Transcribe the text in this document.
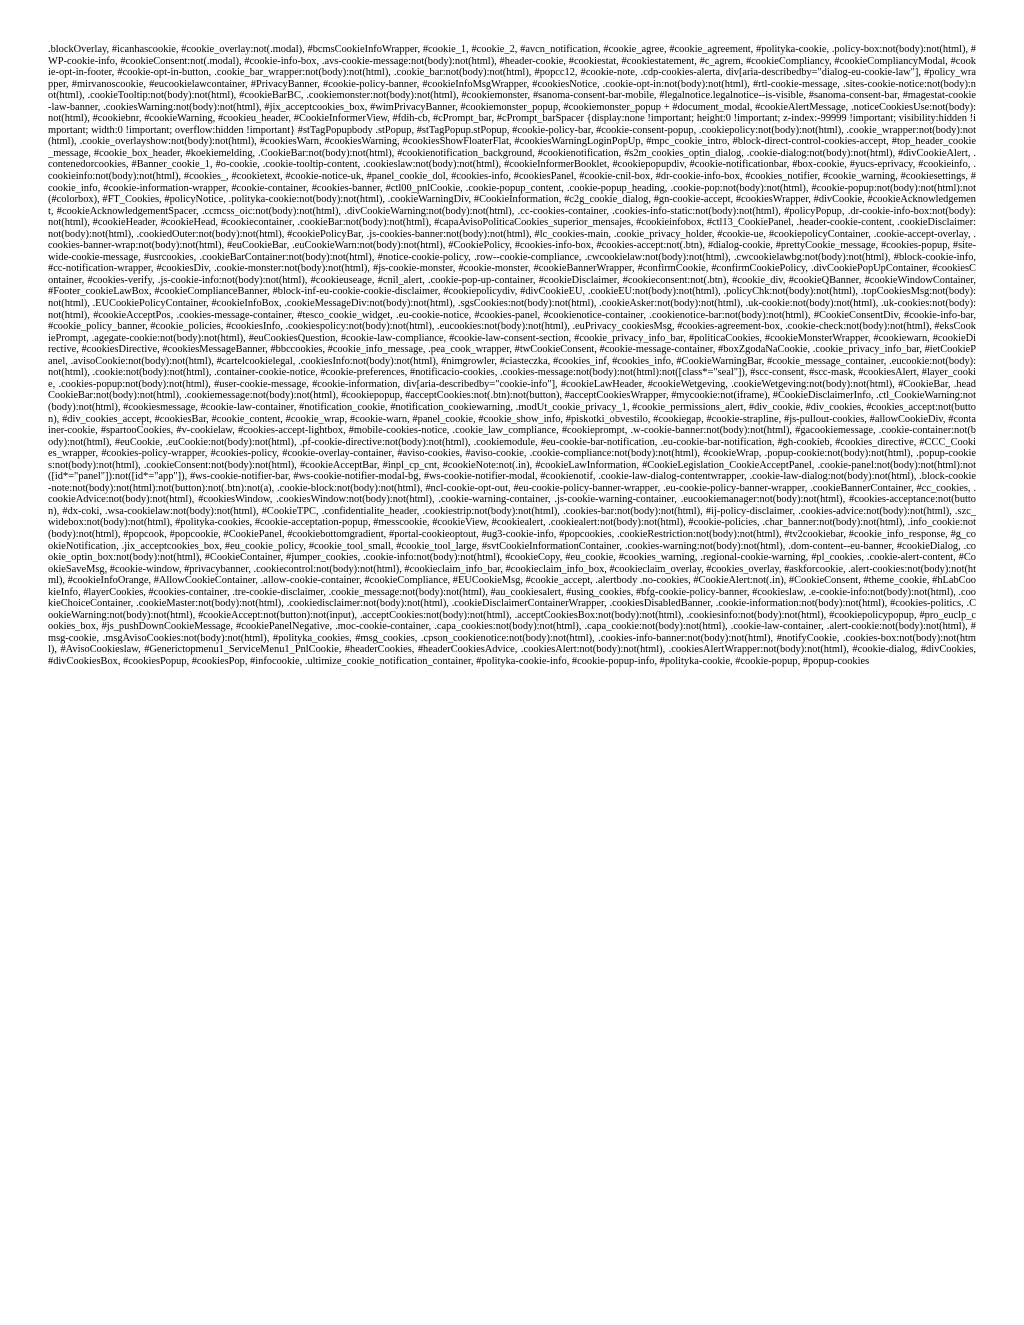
.blockOverlay, #icanhascookie, #cookie_overlay:not(.modal), #bcmsCookieInfoWrapper, #cookie_1, #cookie_2, #avcn_notification, #cookie_agree, #cookie_agreement, #polityka-cookie, .policy-box:not(body):not(html), #WP-cookie-info, #cookieConsent:not(.modal), #cookie-info-box, .avs-cookie-message:not(body):not(html), #header-cookie, #cookiestat, #cookiestatement, #c_agrem, #cookieCompliancy, #cookieCompliancyModal, #cookie-opt-in-footer, #cookie-opt-in-button, .cookie_bar_wrapper:not(body):not(html), .cookie_bar:not(body):not(html), #popcc12, #cookie-note, .cdp-cookies-alerta, div[aria-describedby="dialog-eu-cookie-law"], #policy_wrapper, #mirvanoscookie, #eucookielawcontainer, #PrivacyBanner, #cookie-policy-banner, #cookieInfoMsgWrapper, #cookiesNotice, .cookie-opt-in:not(body):not(html), #rtl-cookie-message, .sites-cookie-notice:not(body):not(html), .cookieTooltip:not(body):not(html), #cookieBarBC, .cookiemonster:not(body):not(html), #cookiemonster, #sanoma-consent-bar-mobile, #legalnotice.legalnotice--is-visible, #sanoma-consent-bar, #magestat-cookie-law-banner, .cookiesWarning:not(body):not(html), #jix_acceptcookies_box, #wimPrivacyBanner, #cookiemonster_popup, #cookiemonster_popup + #document_modal, #cookieAlertMessage, .noticeCookiesUse:not(body):not(html), #cookiebnr, #cookieWarning, #cookieu_header, #CookieInformerView, #fdih-cb, #cPrompt_bar, #cPrompt_barSpacer {display:none !important; height:0 !important; z-index:-99999 !important; visibility:hidden !important; width:0 !important; overflow:hidden !important} #stTagPopupbody .stPopup, #stTagPopup.stPopup, #cookie-policy-bar, #cookie-consent-popup, .cookiepolicy:not(body):not(html), .cookie_wrapper:not(body):not(html), .cookie_overlayshow:not(body):not(html), #cookiesWarn, #cookiesWarning, #cookiesShowFloaterFlat, #cookiesWarningLoginPopUp, #mpc_cookie_intro, #block-direct-control-cookies-accept, #top_header_cookie_message, #cookie_box_header, #koekiemelding, .CookieBar:not(body):not(html), #cookienotification_background, #cookienotification, #s2m_cookies_optin_dialog, .cookie-dialog:not(body):not(html), #divCookieAlert, .contenedorcookies, #Banner_cookie_1, #o-cookie, .cookie-tooltip-content, .cookieslaw:not(body):not(html), #cookieInformerBooklet, #cookiepopupdiv, #cookie-notificationbar, #box-cookie, #yucs-eprivacy, #cookieinfo, .cookieinfo:not(body):not(html), #cookies_, #cookietext, #cookie-notice-uk, #panel_cookie_dol, #cookies-info, #cookiesPanel, #cookie-cnil-box, #dr-cookie-info-box, #cookies_notifier, #cookie_warning, #cookiesettings, #cookie_info, #cookie-information-wrapper, #cookie-container, #cookies-banner, #ctl00_pnlCookie, .cookie-popup_content, .cookie-popup_heading, .cookie-pop:not(body):not(html), #cookie-popup:not(body):not(html):not(#colorbox), #FT_Cookies, #policyNotice, .polityka-cookie:not(body):not(html), .cookieWarningDiv, #CookieInformation, #c2g_cookie_dialog, #gn-cookie-accept, #cookiesWrapper, #divCookie, #cookieAcknowledgement, #cookieAcknowledgementSpacer, .ccmcss_oic:not(body):not(html), .divCookieWarning:not(body):not(html), .cc-cookies-container, .cookies-info-static:not(body):not(html), #policyPopup, .dr-cookie-info-box:not(body):not(html), #cookieHeader, #cookieHead, #cookiecontainer, .cookieBar:not(body):not(html), #capaAvisoPoliticaCookies_superior_mensajes, #cookieinfobox, #ctl13_CookiePanel, .header-cookie-content, .cookieDisclaimer:not(body):not(html), .cookiedOuter:not(body):not(html), #cookiePolicyBar, .js-cookies-banner:not(body):not(html), #lc_cookies-main, .cookie_privacy_holder, #cookie-ue, #cookiepolicyContainer, .cookie-accept-overlay, .cookies-banner-wrap:not(body):not(html), #euCookieBar, .euCookieWarn:not(body):not(html), #CookiePolicy, #cookies-info-box, #cookies-accept:not(.btn), #dialog-cookie, #prettyCookie_message, #cookies-popup, #site-wide-cookie-message, #usrcookies, .cookieBarContainer:not(body):not(html), #notice-cookie-policy, .row--cookie-compliance, .cwcookielaw:not(body):not(html), .cwcookielawbg:not(body):not(html), #block-cookie-info, #cc-notification-wrapper, #cookiesDiv, .cookie-monster:not(body):not(html), #js-cookie-monster, #cookie-monster, #cookieBannerWrapper, #confirmCookie, #confirmCookiePolicy, .divCookiePopUpContainer, #cookiesContainer, #cookies-verify, .js-cookie-info:not(body):not(html), #cookieuseage, #cnil_alert, .cookie-pop-up-container, #cookieDisclaimer, #cookieconsent:not(.btn), #cookie_div, #cookieQBanner, #cookieWindowContainer, #Footer_cookieLawBox, #cookieComplianceBanner, #block-inf-eu-cookie-cookie-disclaimer, #cookiepolicydiv, #divCookieEU, .cookieEU:not(body):not(html), .policyChk:not(body):not(html), .topCookiesMsg:not(body):not(html), .EUCookiePolicyContainer, #cookieInfoBox, .cookieMessageDiv:not(body):not(html), .sgsCookies:not(body):not(html), .cookieAsker:not(body):not(html), .uk-cookie:not(body):not(html), .uk-cookies:not(body):not(html), #cookieAcceptPos, .cookies-message-container, #tesco_cookie_widget, .eu-cookie-notice, #cookies-panel, #cookienotice-container, .cookienotice-bar:not(body):not(html), #CookieConsentDiv, #cookie-info-bar, #cookie_policy_banner, #cookie_policies, #cookiesInfo, .cookiespolicy:not(body):not(html), .eucookies:not(body):not(html), .euPrivacy_cookiesMsg, #cookies-agreement-box, .cookie-check:not(body):not(html), #eksCookiePrompt, .agegate-cookie:not(body):not(html), #euCookiesQuestion, #cookie-law-compliance, #cookie-law-consent-section, #cookie_privacy_info_bar, #politicaCookies, #cookieMonsterWrapper, #cookiewarn, #cookieDirective, #cookiesDirective, #cookiesMessageBanner, #bbccookies, #cookie_info_message, .pea_cook_wrapper, #twCookieConsent, #cookie-message-container, #boxZgodaNaCookie, .cookie_privacy_info_bar, #ietCookiePanel, .avisoCookie:not(body):not(html), #cartelcookielegal, .cookiesInfo:not(body):not(html), #nimgrowler, #ciasteczka, #cookies_inf, #cookies_info, #CookieWarningBar, #cookie_message_container, .eucookie:not(body):not(html), .cookie:not(body):not(html), .container-cookie-notice, #cookie-preferences, #notificacio-cookies, .cookies-message:not(body):not(html):not([class*="seal"]), #scc-consent, #scc-mask, #cookiesAlert, #layer_cookie, .cookies-popup:not(body):not(html), #user-cookie-message, #cookie-information, div[aria-describedby="cookie-info"], #cookieLawHeader, #cookieWetgeving, .cookieWetgeving:not(body):not(html), #CookieBar, .headCookieBar:not(body):not(html), .cookiemessage:not(body):not(html), #cookiepopup, #acceptCookies:not(.btn):not(button), #acceptCookiesWrapper, #mycookie:not(iframe), #CookieDisclaimerInfo, .ctl_CookieWarning:not(body):not(html), #cookiesmessage, #cookie-law-container, #notification_cookie, #notification_cookiewarning, .modUt_cookie_privacy_1, #cookie_permissions_alert, #div_cookie, #div_cookies, #cookies_accept:not(button), #div_cookies_accept, #cookiesBar, #cookie_content, #cookie_wrap, #cookie-warn, #panel_cookie, #cookie_show_info, #piskotki_obvestilo, #cookiegap, #cookie-strapline, #js-pullout-cookies, #allowCookieDiv, #container-cookie, #spartooCookies, #v-cookielaw, #cookies-accept-lightbox, #mobile-cookies-notice, .cookie_law_compliance, #cookieprompt, .w-cookie-banner:not(body):not(html), #gacookiemessage, .cookie-container:not(body):not(html), #euCookie, .euCookie:not(body):not(html), .pf-cookie-directive:not(body):not(html), .cookiemodule, #eu-cookie-bar-notification, .eu-cookie-bar-notification, #gh-cookieb, #cookies_directive, #CCC_Cookies_wrapper, #cookies-policy-wrapper, #cookies-policy, #cookie-overlay-container, #aviso-cookies, #aviso-cookie, .cookie-compliance:not(body):not(html), #cookieWrap, .popup-cookie:not(body):not(html), .popup-cookies:not(body):not(html), .cookieConsent:not(body):not(html), #cookieAcceptBar, #inpl_cp_cnt, #cookieNote:not(.in), #cookieLawInformation, #CookieLegislation_CookieAcceptPanel, .cookie-panel:not(body):not(html):not([id*="panel"]):not([id*="app"]), #ws-cookie-notifier-bar, #ws-cookie-notifier-modal-bg, #ws-cookie-notifier-modal, #cookienotif, .cookie-law-dialog-contentwrapper, .cookie-law-dialog:not(body):not(html), .block-cookie-note:not(body):not(html):not(button):not(.btn):not(a), .cookie-block:not(body):not(html), #ncl-cookie-opt-out, #eu-cookie-policy-banner-wrapper, .eu-cookie-policy-banner-wrapper, .cookieBannerContainer, #cc_cookies, .cookieAdvice:not(body):not(html), #cookiesWindow, .cookiesWindow:not(body):not(html), .cookie-warning-container, .js-cookie-warning-container, .eucookiemanager:not(body):not(html), #cookies-acceptance:not(button), #dx-coki, .wsa-cookielaw:not(body):not(html), #CookieTPC, .confidentialite_header, .cookiestrip:not(body):not(html), .cookies-bar:not(body):not(html), #ij-policy-disclaimer, .cookies-advice:not(body):not(html), .szc_widebox:not(body):not(html), #polityka-cookies, #cookie-acceptation-popup, #messcookie, #cookieView, #cookiealert, .cookiealert:not(body):not(html), #cookie-policies, .char_banner:not(body):not(html), .info_cookie:not(body):not(html), #popcook, #popcookie, #CookiePanel, #cookiebottomgradient, #portal-cookieoptout, #ug3-cookie-info, #popcookies, .cookieRestriction:not(body):not(html), #tv2cookiebar, #cookie_info_response, #g_cookieNotification, .jix_acceptcookies_box, #eu_cookie_policy, #cookie_tool_small, #cookie_tool_large, #svtCookieInformationContainer, .cookies-warning:not(body):not(html), .dom-content--eu-banner, #cookieDialog, .cookie_optin_box:not(body):not(html), #CookieContainer, #jumper_cookies, .cookie-info:not(body):not(html), #cookieCopy, #eu_cookie, #cookies_warning, .regional-cookie-warning, #pl_cookies, .cookie-alert-content, #CookieSaveMsg, #cookie-window, #privacybanner, .cookiecontrol:not(body):not(html), #cookieclaim_info_bar, #cookieclaim_info_box, #cookieclaim_overlay, #cookies_overlay, #askforcookie, .alert-cookies:not(body):not(html), #cookieInfoOrange, #AllowCookieContainer, .allow-cookie-container, #cookieCompliance, #EUCookieMsg, #cookie_accept, .alertbody .no-cookies, #CookieAlert:not(.in), #CookieConsent, #theme_cookie, #hLabCookieInfo, #layerCookies, #cookies-container, .tre-cookie-disclaimer, .cookie_message:not(body):not(html), #au_cookiesalert, #using_cookies, #bfg-cookie-policy-banner, #cookieslaw, .e-cookie-info:not(body):not(html), .cookieChoiceContainer, .cookieMaster:not(body):not(html), .cookiedisclaimer:not(body):not(html), .cookieDisclaimerContainerWrapper, .cookiesDisabledBanner, .cookie-information:not(body):not(html), #cookies-politics, .CookieWarning:not(body):not(html), #cookieAccept:not(button):not(input), .acceptCookies:not(body):not(html), .acceptCookiesBox:not(body):not(html), .cookiesinfo:not(body):not(html), #cookiepolicypopup, #pro_euclp_cookies_box, #js_pushDownCookieMessage, #cookiePanelNegative, .moc-cookie-container, .capa_cookies:not(body):not(html), .capa_cookie:not(body):not(html), .cookie-law-container, .alert-cookie:not(body):not(html), #msg-cookie, .msgAvisoCookies:not(body):not(html), #polityka_cookies, #msg_cookies, .cpson_cookienotice:not(body):not(html), .cookies-info-banner:not(body):not(html), #notifyCookie, .cookies-box:not(body):not(html), #AvisoCookieslaw, #Generictopmenu1_ServiceMenu1_PnlCookie, #headerCookies, #headerCookiesAdvice, .cookiesAlert:not(body):not(html), .cookiesAlertWrapper:not(body):not(html), #cookie-dialog, #divCookies, #divCookiesBox, #cookiesPopup, #cookiesPop, #infocookie, .ultimize_cookie_notification_container, #polityka-cookie-info, #cookie-popup-info, #polityka-cookie, #cookie-popup, #popup-cookies
